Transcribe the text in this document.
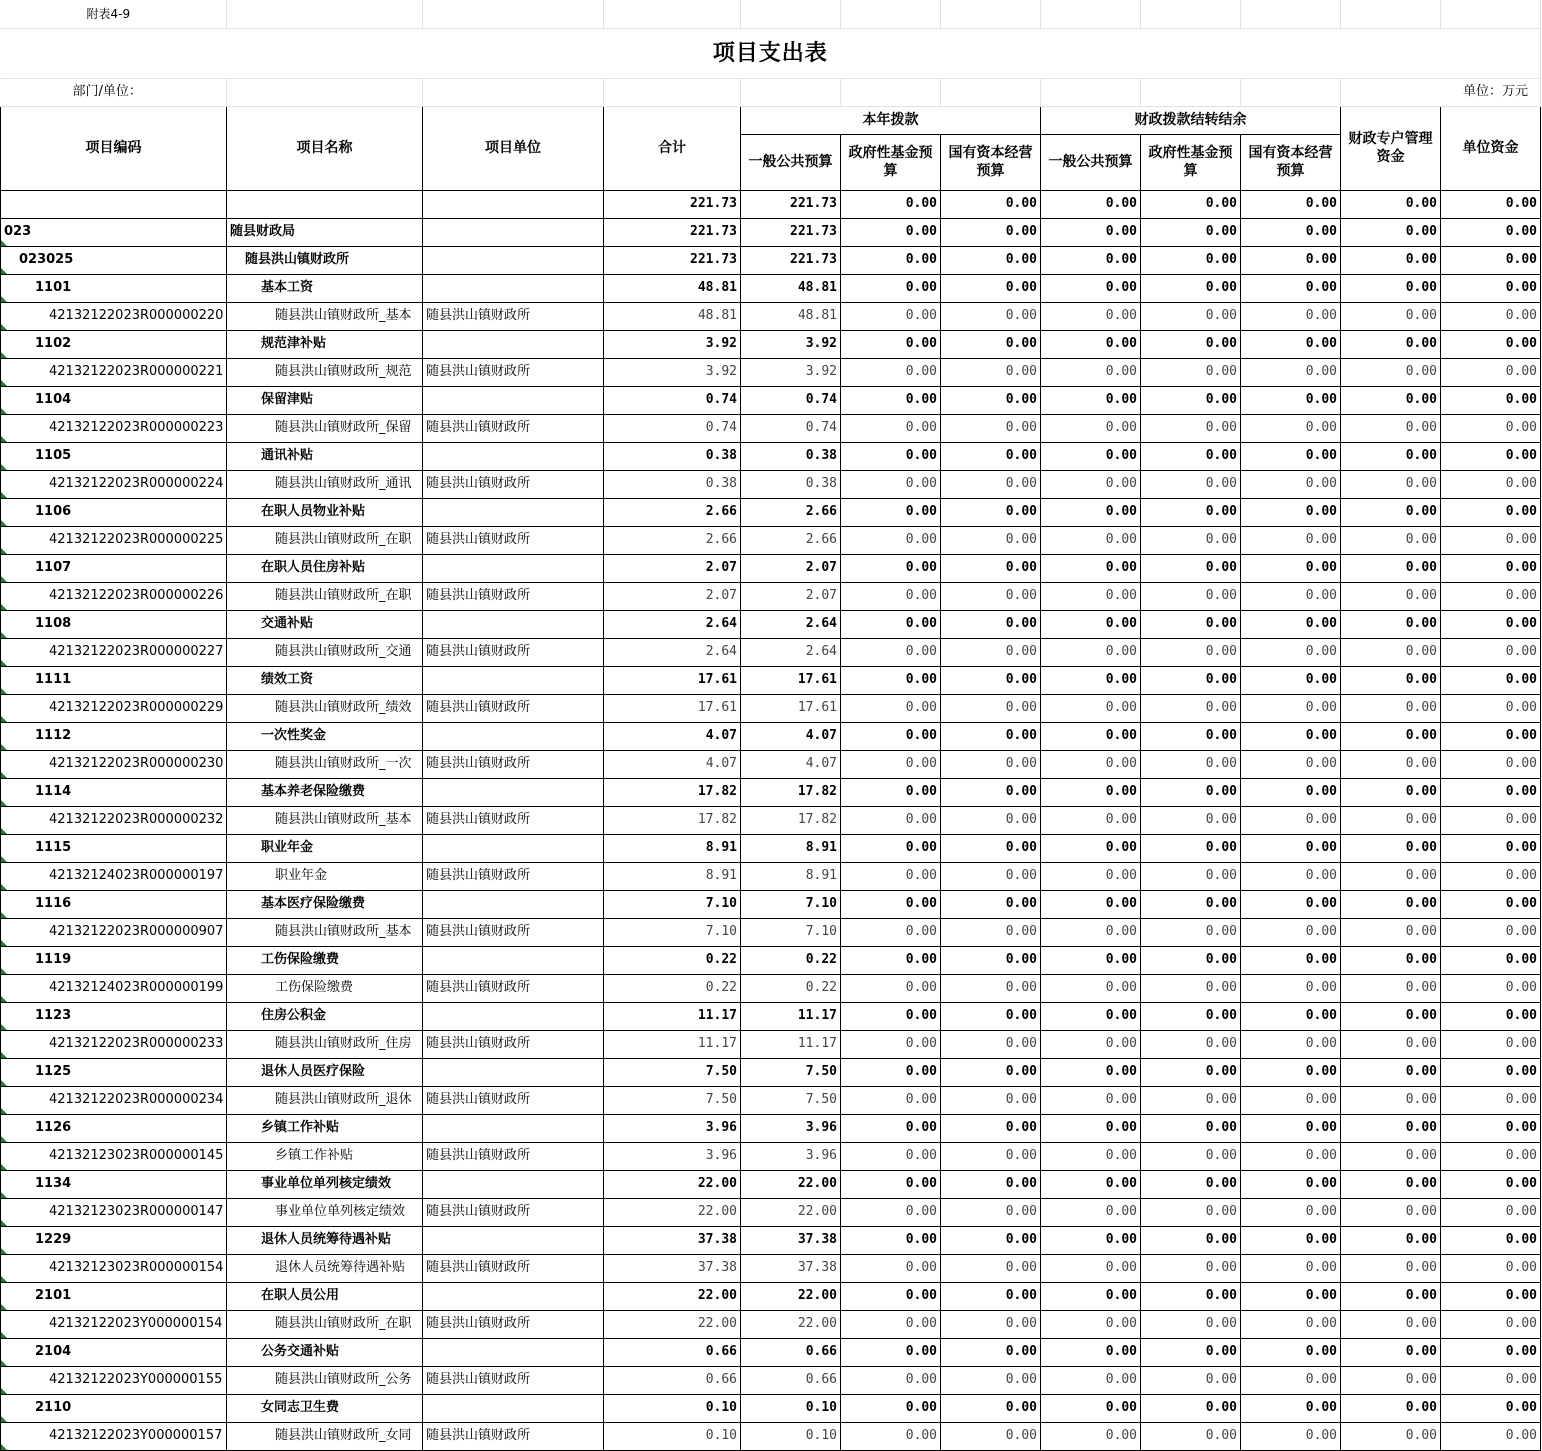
附表4-9											
项目支出表											
部门/单位：										单位：万元	
项目编码	项目名称	项目单位	合计	本年拨款			财政拨款结转结余			财政专户管理资金	单位资金
				一般公共预算	政府性基金预算	国有资本经营预算	一般公共预算	政府性基金预算	国有资本经营预算		
			221.73	221.73	0.00	0.00	0.00	0.00	0.00	0.00	0.00
023	随县财政局		221.73	221.73	0.00	0.00	0.00	0.00	0.00	0.00	0.00
023025	随县洪山镇财政所		221.73	221.73	0.00	0.00	0.00	0.00	0.00	0.00	0.00
1101	基本工资		48.81	48.81	0.00	0.00	0.00	0.00	0.00	0.00	0.00
42132122023R000000220	随县洪山镇财政所_基本	随县洪山镇财政所	48.81	48.81	0.00	0.00	0.00	0.00	0.00	0.00	0.00
1102	规范津补贴		3.92	3.92	0.00	0.00	0.00	0.00	0.00	0.00	0.00
42132122023R000000221	随县洪山镇财政所_规范	随县洪山镇财政所	3.92	3.92	0.00	0.00	0.00	0.00	0.00	0.00	0.00
1104	保留津贴		0.74	0.74	0.00	0.00	0.00	0.00	0.00	0.00	0.00
42132122023R000000223	随县洪山镇财政所_保留	随县洪山镇财政所	0.74	0.74	0.00	0.00	0.00	0.00	0.00	0.00	0.00
1105	通讯补贴		0.38	0.38	0.00	0.00	0.00	0.00	0.00	0.00	0.00
42132122023R000000224	随县洪山镇财政所_通讯	随县洪山镇财政所	0.38	0.38	0.00	0.00	0.00	0.00	0.00	0.00	0.00
1106	在职人员物业补贴		2.66	2.66	0.00	0.00	0.00	0.00	0.00	0.00	0.00
42132122023R000000225	随县洪山镇财政所_在职	随县洪山镇财政所	2.66	2.66	0.00	0.00	0.00	0.00	0.00	0.00	0.00
1107	在职人员住房补贴		2.07	2.07	0.00	0.00	0.00	0.00	0.00	0.00	0.00
42132122023R000000226	随县洪山镇财政所_在职	随县洪山镇财政所	2.07	2.07	0.00	0.00	0.00	0.00	0.00	0.00	0.00
1108	交通补贴		2.64	2.64	0.00	0.00	0.00	0.00	0.00	0.00	0.00
42132122023R000000227	随县洪山镇财政所_交通	随县洪山镇财政所	2.64	2.64	0.00	0.00	0.00	0.00	0.00	0.00	0.00
1111	绩效工资		17.61	17.61	0.00	0.00	0.00	0.00	0.00	0.00	0.00
42132122023R000000229	随县洪山镇财政所_绩效	随县洪山镇财政所	17.61	17.61	0.00	0.00	0.00	0.00	0.00	0.00	0.00
1112	一次性奖金		4.07	4.07	0.00	0.00	0.00	0.00	0.00	0.00	0.00
42132122023R000000230	随县洪山镇财政所_一次	随县洪山镇财政所	4.07	4.07	0.00	0.00	0.00	0.00	0.00	0.00	0.00
1114	基本养老保险缴费		17.82	17.82	0.00	0.00	0.00	0.00	0.00	0.00	0.00
42132122023R000000232	随县洪山镇财政所_基本	随县洪山镇财政所	17.82	17.82	0.00	0.00	0.00	0.00	0.00	0.00	0.00
1115	职业年金		8.91	8.91	0.00	0.00	0.00	0.00	0.00	0.00	0.00
42132124023R000000197	职业年金	随县洪山镇财政所	8.91	8.91	0.00	0.00	0.00	0.00	0.00	0.00	0.00
1116	基本医疗保险缴费		7.10	7.10	0.00	0.00	0.00	0.00	0.00	0.00	0.00
42132122023R000000907	随县洪山镇财政所_基本	随县洪山镇财政所	7.10	7.10	0.00	0.00	0.00	0.00	0.00	0.00	0.00
1119	工伤保险缴费		0.22	0.22	0.00	0.00	0.00	0.00	0.00	0.00	0.00
42132124023R000000199	工伤保险缴费	随县洪山镇财政所	0.22	0.22	0.00	0.00	0.00	0.00	0.00	0.00	0.00
1123	住房公积金		11.17	11.17	0.00	0.00	0.00	0.00	0.00	0.00	0.00
42132122023R000000233	随县洪山镇财政所_住房	随县洪山镇财政所	11.17	11.17	0.00	0.00	0.00	0.00	0.00	0.00	0.00
1125	退休人员医疗保险		7.50	7.50	0.00	0.00	0.00	0.00	0.00	0.00	0.00
42132122023R000000234	随县洪山镇财政所_退休	随县洪山镇财政所	7.50	7.50	0.00	0.00	0.00	0.00	0.00	0.00	0.00
1126	乡镇工作补贴		3.96	3.96	0.00	0.00	0.00	0.00	0.00	0.00	0.00
42132123023R000000145	乡镇工作补贴	随县洪山镇财政所	3.96	3.96	0.00	0.00	0.00	0.00	0.00	0.00	0.00
1134	事业单位单列核定绩效		22.00	22.00	0.00	0.00	0.00	0.00	0.00	0.00	0.00
42132123023R000000147	事业单位单列核定绩效	随县洪山镇财政所	22.00	22.00	0.00	0.00	0.00	0.00	0.00	0.00	0.00
1229	退休人员统筹待遇补贴		37.38	37.38	0.00	0.00	0.00	0.00	0.00	0.00	0.00
42132123023R000000154	退休人员统筹待遇补贴	随县洪山镇财政所	37.38	37.38	0.00	0.00	0.00	0.00	0.00	0.00	0.00
2101	在职人员公用		22.00	22.00	0.00	0.00	0.00	0.00	0.00	0.00	0.00
42132122023Y000000154	随县洪山镇财政所_在职	随县洪山镇财政所	22.00	22.00	0.00	0.00	0.00	0.00	0.00	0.00	0.00
2104	公务交通补贴		0.66	0.66	0.00	0.00	0.00	0.00	0.00	0.00	0.00
42132122023Y000000155	随县洪山镇财政所_公务	随县洪山镇财政所	0.66	0.66	0.00	0.00	0.00	0.00	0.00	0.00	0.00
2110	女同志卫生费		0.10	0.10	0.00	0.00	0.00	0.00	0.00	0.00	0.00
42132122023Y000000157	随县洪山镇财政所_女同	随县洪山镇财政所	0.10	0.10	0.00	0.00	0.00	0.00	0.00	0.00	0.00
